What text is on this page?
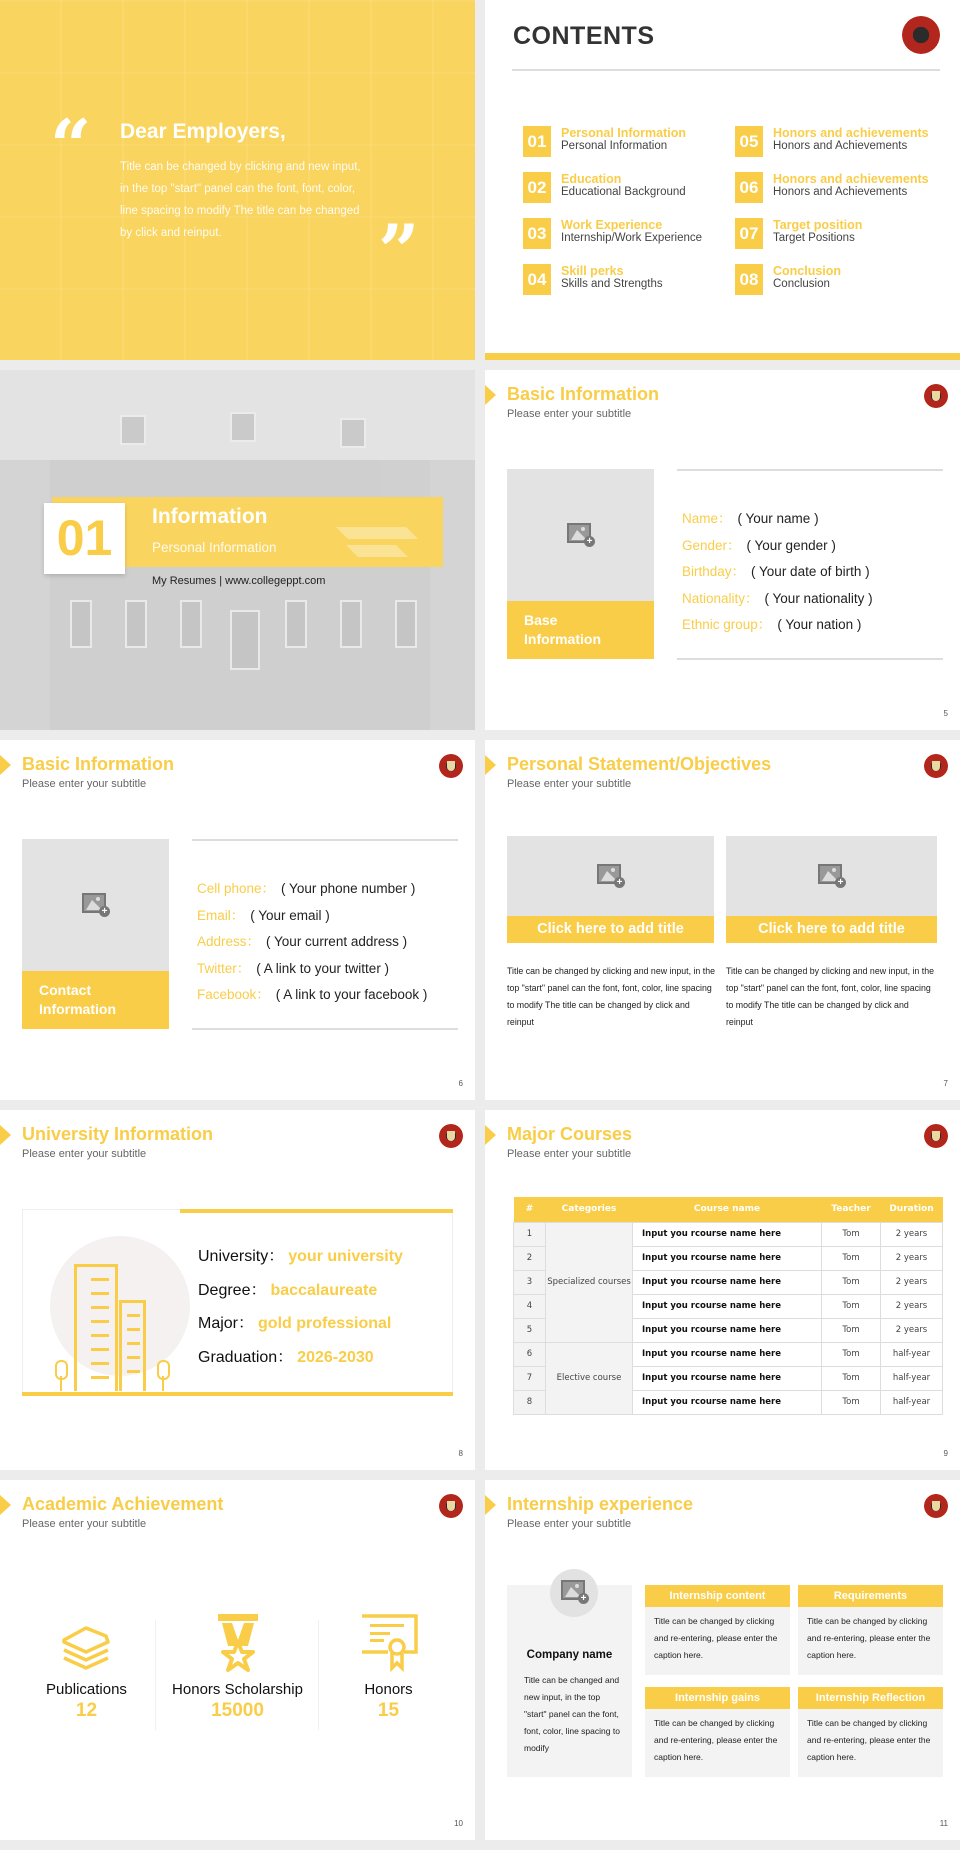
“ Dear Employers,
Title can be changed by clicking and new input, in the top "start" panel can the font, font, color, line spacing to modify The title can be changed by click and reinput.	”
CONTENTS
01	Personal Information
Personal Information
02	Education
Educational Background
03	Work Experience
Internship/Work Experience
04	Skill perks
Skills and Strengths
05	Honors and achievements
Honors and Achievements
06	Honors and achievements
Honors and Achievements
07	Target position
Target Positions
08	Conclusion
Conclusion
01	Information
Personal Information
My Resumes | www.collegeppt.com
Basic Information
Please enter your subtitle
+
Base
Information
Name： ( Your name )
Gender： ( Your gender )
Birthday： ( Your date of birth )
Nationality： ( Your nationality )
Ethnic group： ( Your nation )
5
Basic Information
Please enter your subtitle
+
Contact
Information
Cell phone： ( Your phone number )
Email： ( Your email )
Address： ( Your current address )
Twitter： ( A link to your twitter )
Facebook： ( A link to your facebook )
6
Personal Statement/Objectives
Please enter your subtitle
+
Click here to add title
+
Click here to add title
Title can be changed by clicking and new input, in the top "start" panel can the font, font, color, line spacing to modify The title can be changed by click and reinput
Title can be changed by clicking and new input, in the top "start" panel can the font, font, color, line spacing to modify The title can be changed by click and reinput
7
University Information
Please enter your subtitle
University： your university
Degree： baccalaureate
Major： gold professional
Graduation： 2026-2030
8
Major Courses
Please enter your subtitle
#	Categories	Course name	Teacher	Duration
1	Specialized courses	Input you rcourse name here	Tom	2 years
2		Input you rcourse name here	Tom	2 years
3		Input you rcourse name here	Tom	2 years
4		Input you rcourse name here	Tom	2 years
5		Input you rcourse name here	Tom	2 years
6	Elective course	Input you rcourse name here	Tom	half-year
7		Input you rcourse name here	Tom	half-year
8		Input you rcourse name here	Tom	half-year
9
Academic Achievement
Please enter your subtitle
Publications
12
Honors Scholarship
15000
Honors
15
10
Internship experience
Please enter your subtitle
+
Company name
Title can be changed and new input, in the top "start" panel can the font, font, color, line spacing to modify
Internship content
Title can be changed by clicking and re-entering, please enter the caption here.
Requirements
Title can be changed by clicking and re-entering, please enter the caption here.
Internship gains
Title can be changed by clicking and re-entering, please enter the caption here.
Internship Reflection
Title can be changed by clicking and re-entering, please enter the caption here.
11
